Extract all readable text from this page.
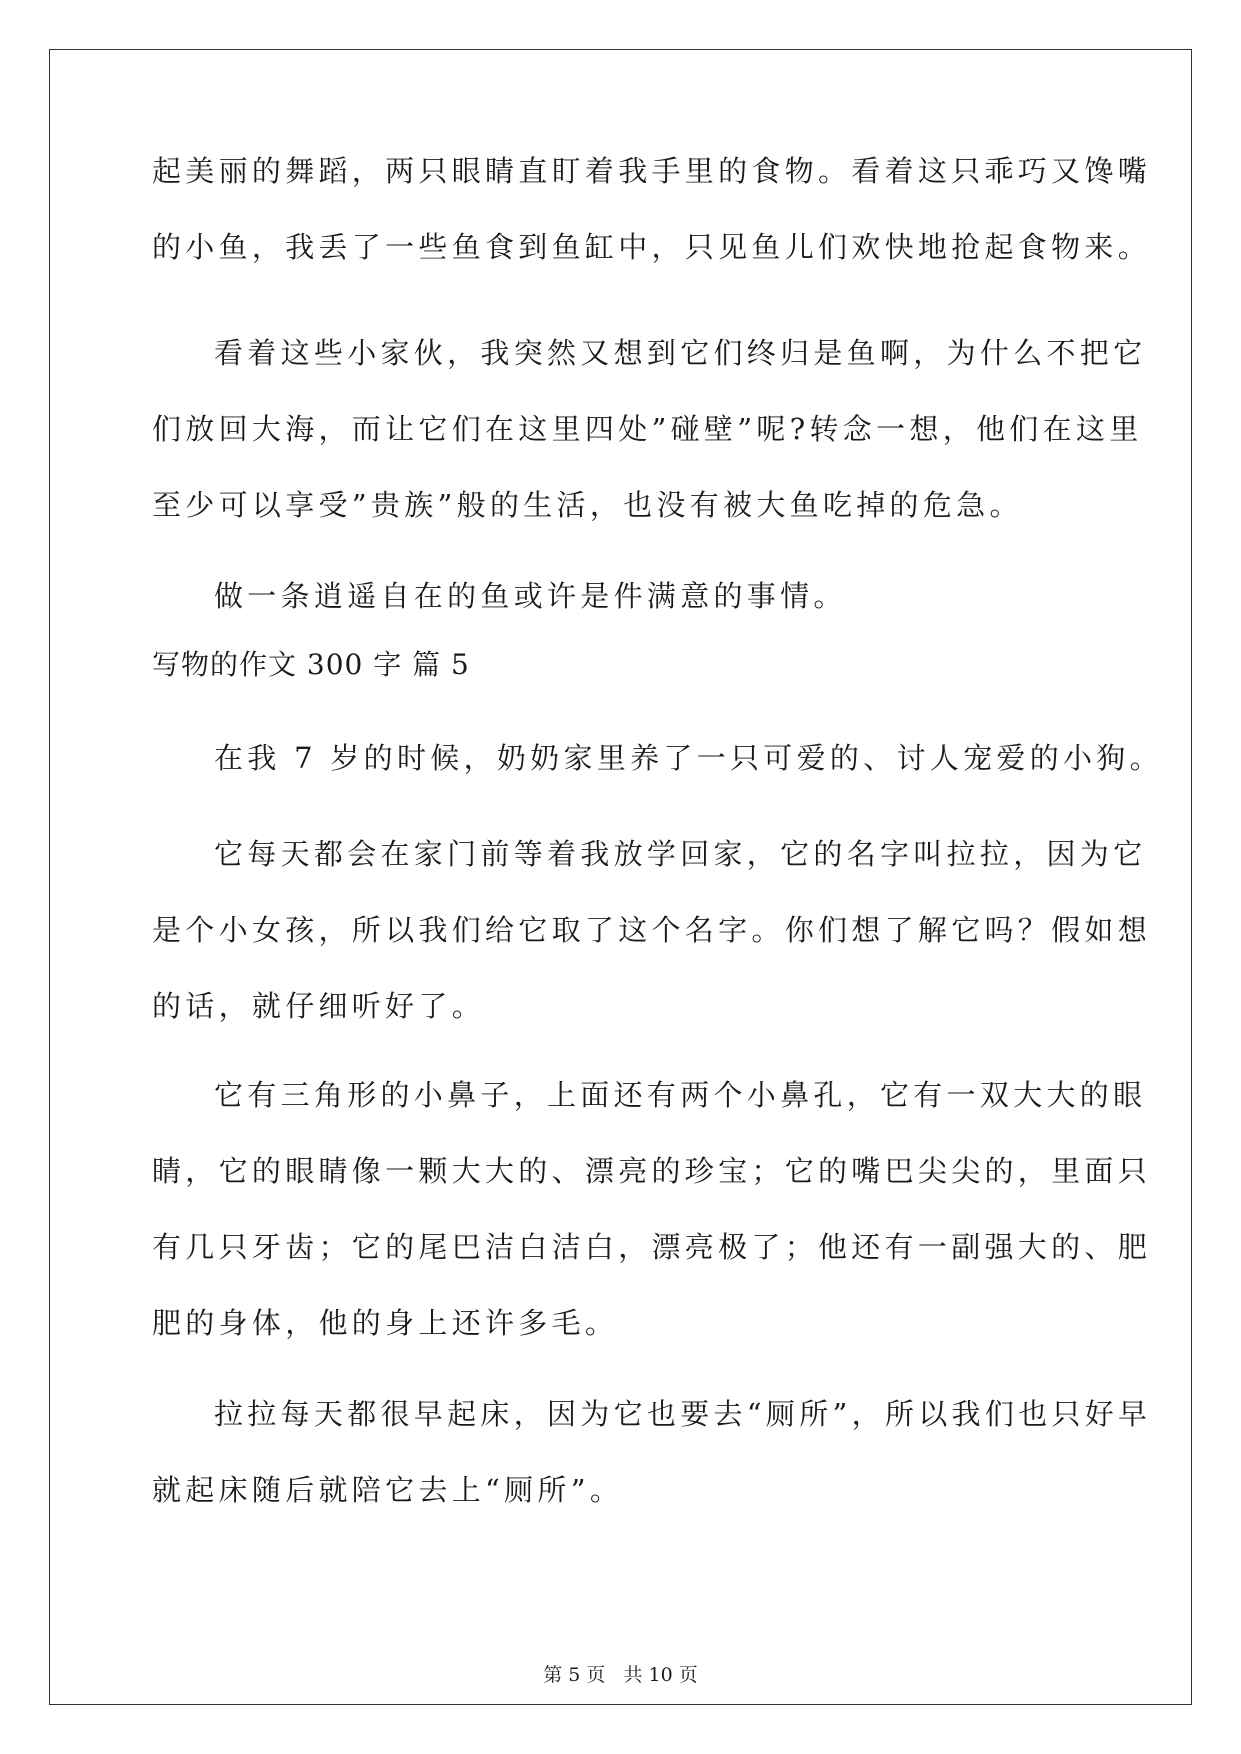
起美丽的舞蹈，两只眼睛直盯着我手里的食物。看着这只乖巧又馋嘴
的小鱼，我丢了一些鱼食到鱼缸中，只见鱼儿们欢快地抢起食物来。
看着这些小家伙，我突然又想到它们终归是鱼啊，为什么不把它
们放回大海，而让它们在这里四处”碰壁”呢?转念一想，他们在这里
至少可以享受”贵族”般的生活，也没有被大鱼吃掉的危急。
做一条逍遥自在的鱼或许是件满意的事情。
写物的作文 300 字 篇 5
在我 7 岁的时候，奶奶家里养了一只可爱的、讨人宠爱的小狗。
它每天都会在家门前等着我放学回家，它的名字叫拉拉，因为它
是个小女孩，所以我们给它取了这个名字。你们想了解它吗？假如想
的话，就仔细听好了。
它有三角形的小鼻子，上面还有两个小鼻孔，它有一双大大的眼
睛，它的眼睛像一颗大大的、漂亮的珍宝；它的嘴巴尖尖的，里面只
有几只牙齿；它的尾巴洁白洁白，漂亮极了；他还有一副强大的、肥
肥的身体，他的身上还许多毛。
拉拉每天都很早起床，因为它也要去“厕所”，所以我们也只好早
就起床随后就陪它去上“厕所”。
第 5 页 共 10 页
